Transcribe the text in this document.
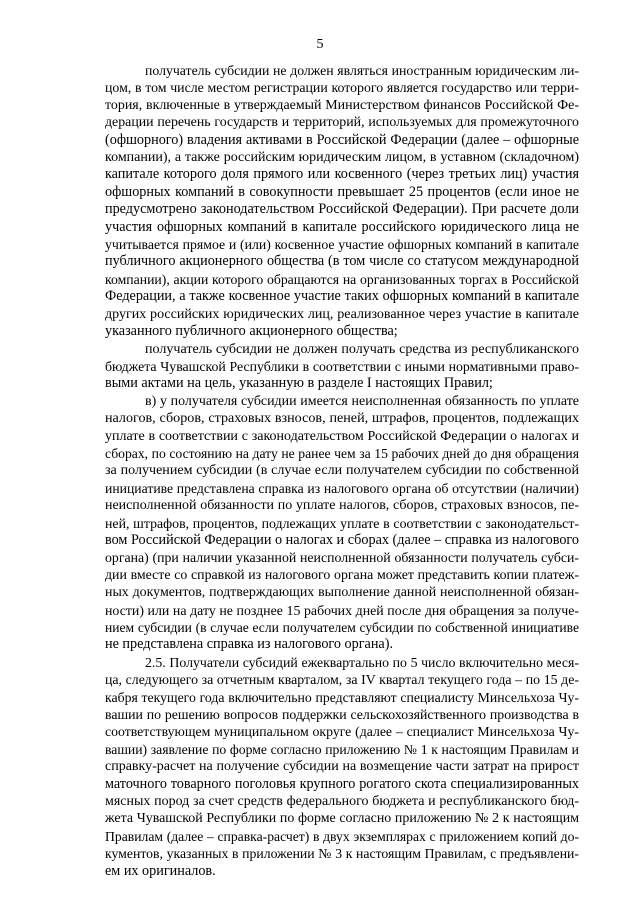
5
получатель субсидии не должен являться иностранным юридическим ли-
цом, в том числе местом регистрации которого является государство или терри-
тория, включенные в утверждаемый Министерством финансов Российской Фе-
дерации перечень государств и территорий, используемых для промежуточного
(офшорного) владения активами в Российской Федерации (далее – офшорные
компании), а также российским юридическим лицом, в уставном (складочном)
капитале которого доля прямого или косвенного (через третьих лиц) участия
офшорных компаний в совокупности превышает 25 процентов (если иное не
предусмотрено законодательством Российской Федерации). При расчете доли
участия офшорных компаний в капитале российского юридического лица не
учитывается прямое и (или) косвенное участие офшорных компаний в капитале
публичного акционерного общества (в том числе со статусом международной
компании), акции которого обращаются на организованных торгах в Российской
Федерации, а также косвенное участие таких офшорных компаний в капитале
других российских юридических лиц, реализованное через участие в капитале
указанного публичного акционерного общества;
получатель субсидии не должен получать средства из республиканского
бюджета Чувашской Республики в соответствии с иными нормативными право-
выми актами на цель, указанную в разделе I настоящих Правил;
в) у получателя субсидии имеется неисполненная обязанность по уплате
налогов, сборов, страховых взносов, пеней, штрафов, процентов, подлежащих
уплате в соответствии с законодательством Российской Федерации о налогах и
сборах, по состоянию на дату не ранее чем за 15 рабочих дней до дня обращения
за получением субсидии (в случае если получателем субсидии по собственной
инициативе представлена справка из налогового органа об отсутствии (наличии)
неисполненной обязанности по уплате налогов, сборов, страховых взносов, пе-
ней, штрафов, процентов, подлежащих уплате в соответствии с законодательст-
вом Российской Федерации о налогах и сборах (далее – справка из налогового
органа) (при наличии указанной неисполненной обязанности получатель субси-
дии вместе со справкой из налогового органа может представить копии платеж-
ных документов, подтверждающих выполнение данной неисполненной обязан-
ности) или на дату не позднее 15 рабочих дней после дня обращения за получе-
нием субсидии (в случае если получателем субсидии по собственной инициативе
не представлена справка из налогового органа).
2.5. Получатели субсидий ежеквартально по 5 число включительно меся-
ца, следующего за отчетным кварталом, за IV квартал текущего года – по 15 де-
кабря текущего года включительно представляют специалисту Минсельхоза Чу-
вашии по решению вопросов поддержки сельскохозяйственного производства в
соответствующем муниципальном округе (далее – специалист Минсельхоза Чу-
вашии) заявление по форме согласно приложению № 1 к настоящим Правилам и
справку-расчет на получение субсидии на возмещение части затрат на прирост
маточного товарного поголовья крупного рогатого скота специализированных
мясных пород за счет средств федерального бюджета и республиканского бюд-
жета Чувашской Республики по форме согласно приложению № 2 к настоящим
Правилам (далее – справка-расчет) в двух экземплярах с приложением копий до-
кументов, указанных в приложении № 3 к настоящим Правилам, с предъявлени-
ем их оригиналов.
